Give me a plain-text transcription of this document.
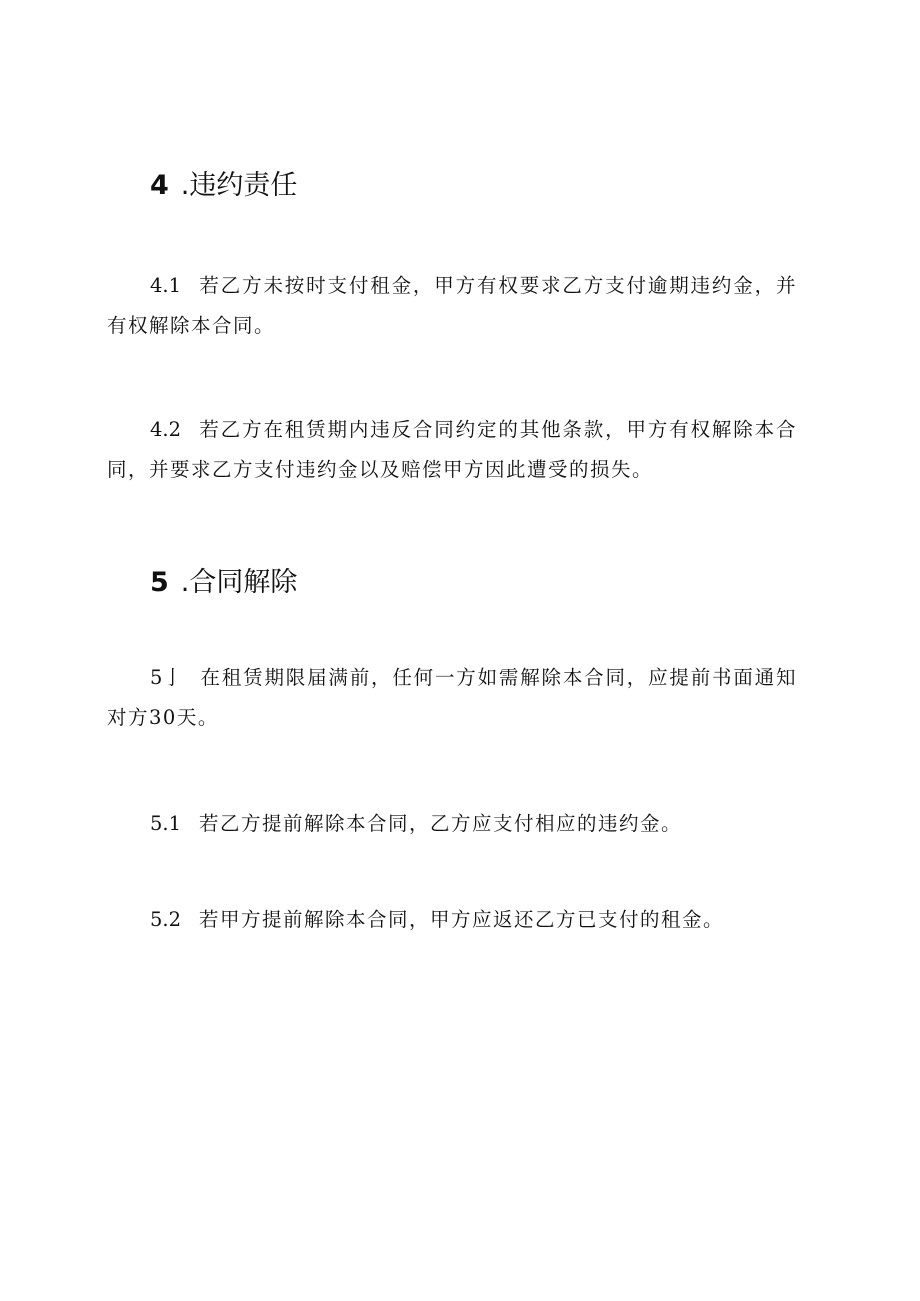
4 .违约责任

4.1 若乙方未按时支付租金，甲方有权要求乙方支付逾期违约金，并有权解除本合同。

4.2 若乙方在租赁期内违反合同约定的其他条款，甲方有权解除本合同，并要求乙方支付违约金以及赔偿甲方因此遭受的损失。

5 .合同解除

5亅 在租赁期限届满前，任何一方如需解除本合同，应提前书面通知对方30天。

5.1 若乙方提前解除本合同，乙方应支付相应的违约金。

5.2 若甲方提前解除本合同，甲方应返还乙方已支付的租金。
